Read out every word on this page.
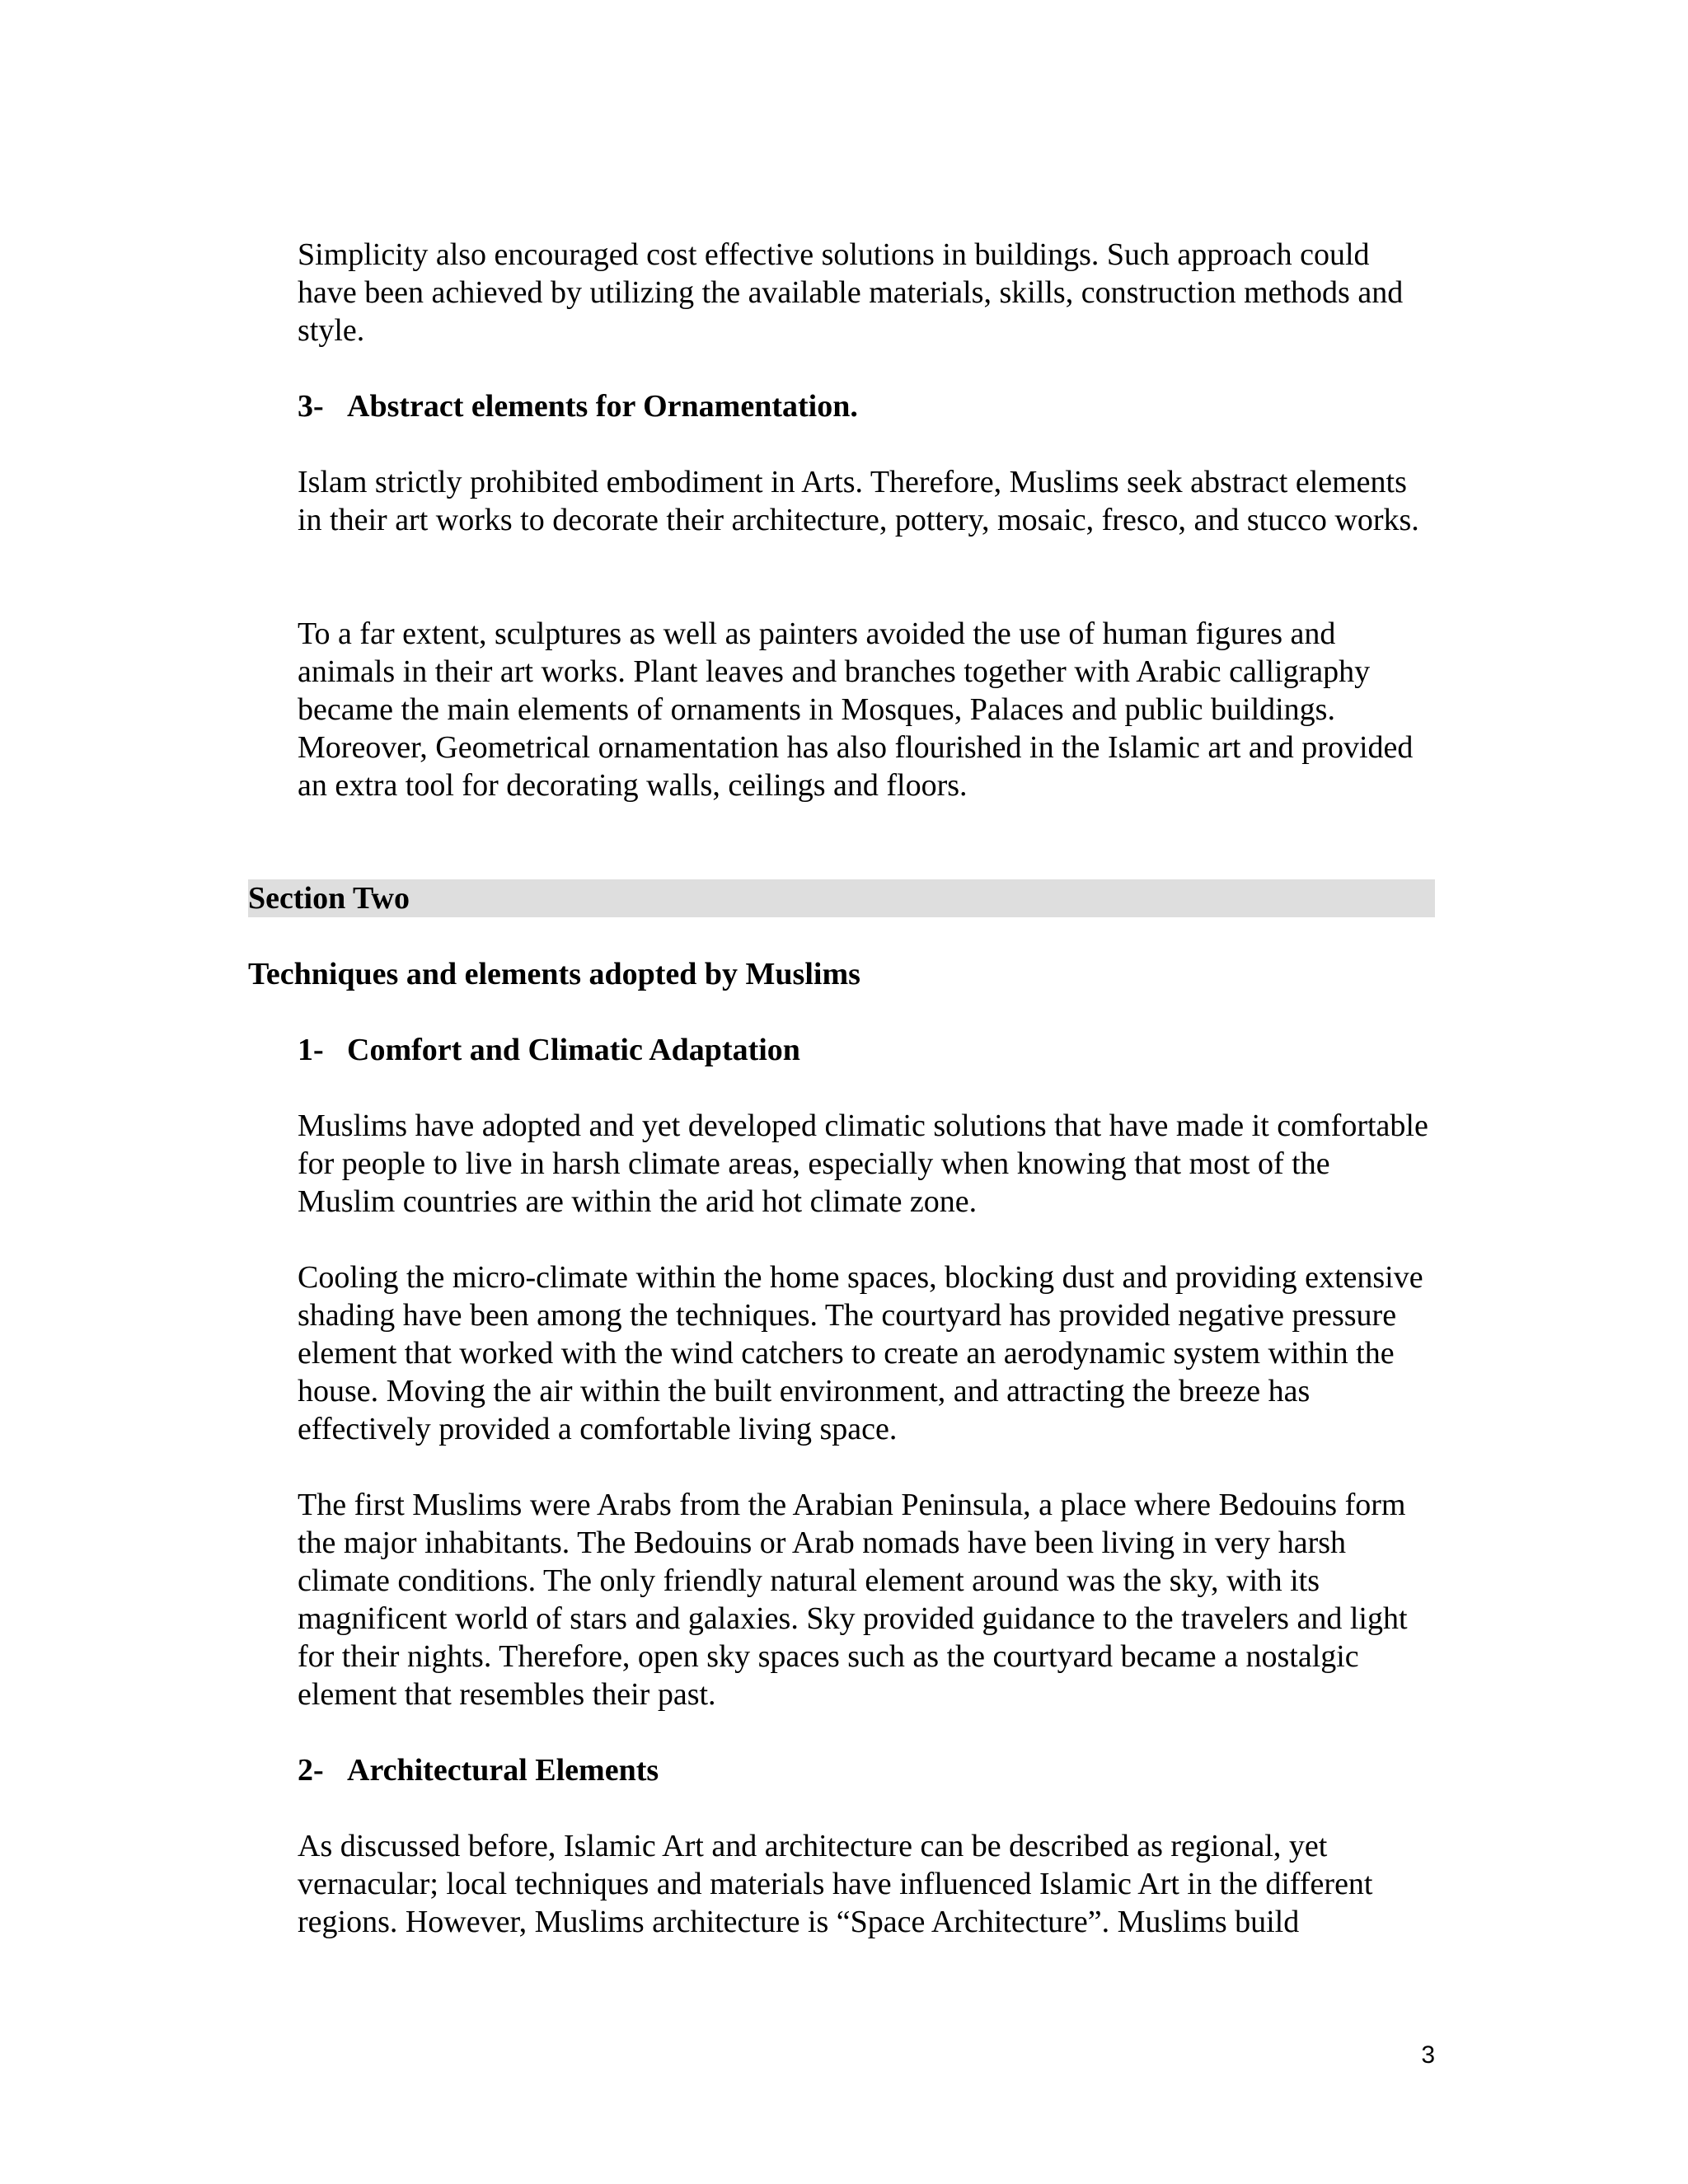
Simplicity also encouraged cost effective solutions in buildings. Such approach could have been achieved by utilizing the available materials, skills, construction methods and style.

3- Abstract elements for Ornamentation.

Islam strictly prohibited embodiment in Arts. Therefore, Muslims seek abstract elements in their art works to decorate their architecture, pottery, mosaic, fresco, and stucco works.

To a far extent, sculptures as well as painters avoided the use of human figures and animals in their art works. Plant leaves and branches together with Arabic calligraphy became the main elements of ornaments in Mosques, Palaces and public buildings. Moreover, Geometrical ornamentation has also flourished in the Islamic art and provided an extra tool for decorating walls, ceilings and floors.

Section Two
Techniques and elements adopted by Muslims
1- Comfort and Climatic Adaptation

Muslims have adopted and yet developed climatic solutions that have made it comfortable for people to live in harsh climate areas, especially when knowing that most of the Muslim countries are within the arid hot climate zone.

Cooling the micro-climate within the home spaces, blocking dust and providing extensive shading have been among the techniques. The courtyard has provided negative pressure element that worked with the wind catchers to create an aerodynamic system within the house. Moving the air within the built environment, and attracting the breeze has effectively provided a comfortable living space.

The first Muslims were Arabs from the Arabian Peninsula, a place where Bedouins form the major inhabitants. The Bedouins or Arab nomads have been living in very harsh climate conditions. The only friendly natural element around was the sky, with its magnificent world of stars and galaxies. Sky provided guidance to the travelers and light for their nights. Therefore, open sky spaces such as the courtyard became a nostalgic element that resembles their past.

2- Architectural Elements

As discussed before, Islamic Art and architecture can be described as regional, yet vernacular; local techniques and materials have influenced Islamic Art in the different regions. However, Muslims architecture is “Space Architecture”. Muslims build

3
